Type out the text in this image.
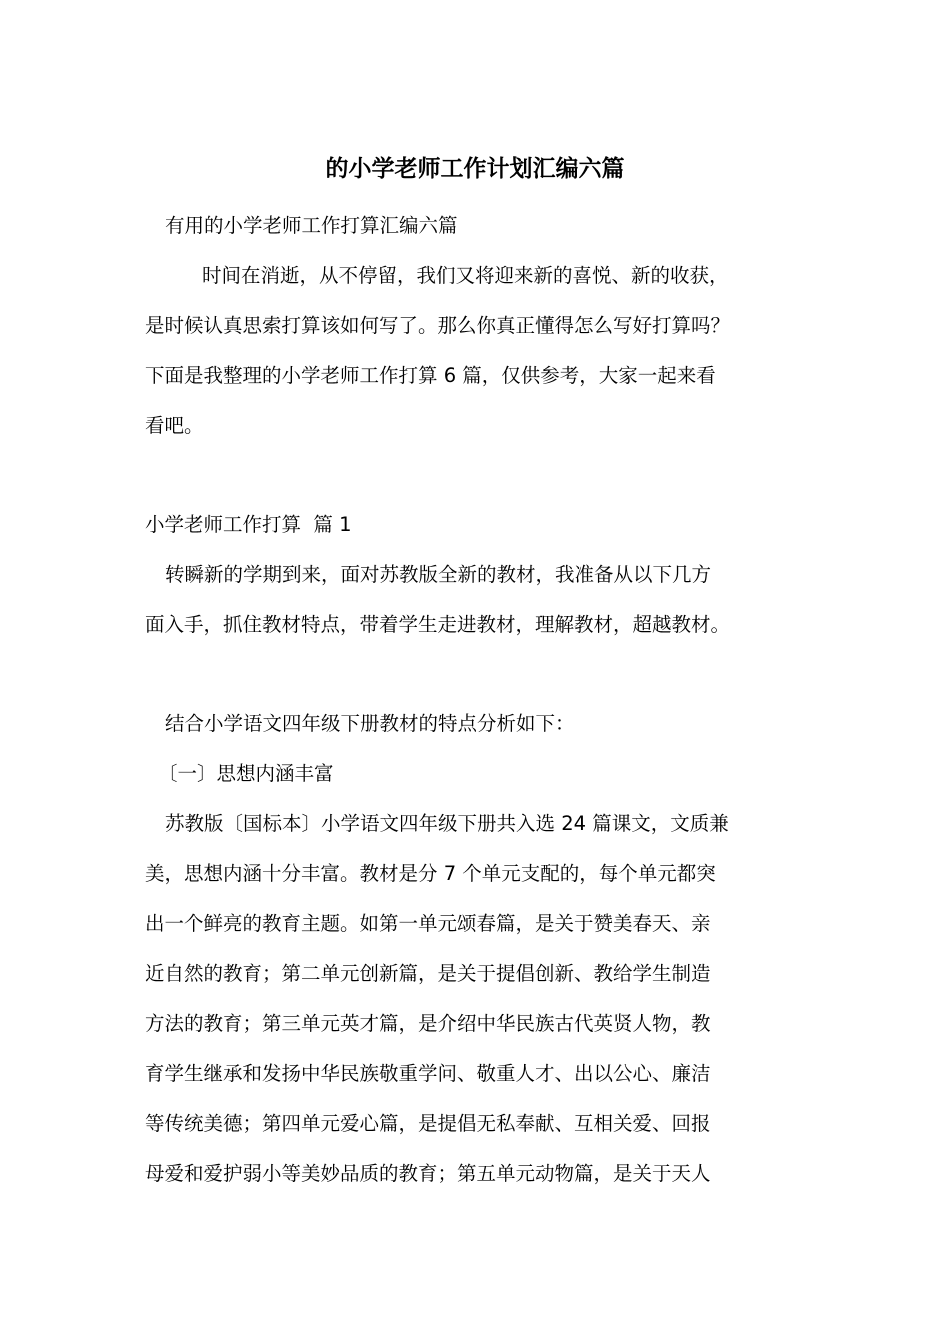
的小学老师工作计划汇编六篇
有用的小学老师工作打算汇编六篇
时间在消逝，从不停留，我们又将迎来新的喜悦、新的收获，
是时候认真思索打算该如何写了。那么你真正懂得怎么写好打算吗？
下面是我整理的小学老师工作打算 6 篇，仅供参考，大家一起来看
看吧。
小学老师工作打算  篇 1
转瞬新的学期到来，面对苏教版全新的教材，我准备从以下几方
面入手，抓住教材特点，带着学生走进教材，理解教材，超越教材。
结合小学语文四年级下册教材的特点分析如下：
〔一〕思想内涵丰富
苏教版〔国标本〕小学语文四年级下册共入选 24 篇课文，文质兼
美，思想内涵十分丰富。教材是分 7 个单元支配的，每个单元都突
出一个鲜亮的教育主题。如第一单元颂春篇，是关于赞美春天、亲
近自然的教育；第二单元创新篇，是关于提倡创新、教给学生制造
方法的教育；第三单元英才篇，是介绍中华民族古代英贤人物，教
育学生继承和发扬中华民族敬重学问、敬重人才、出以公心、廉洁
等传统美德；第四单元爱心篇，是提倡无私奉献、互相关爱、回报
母爱和爱护弱小等美妙品质的教育；第五单元动物篇，是关于天人
